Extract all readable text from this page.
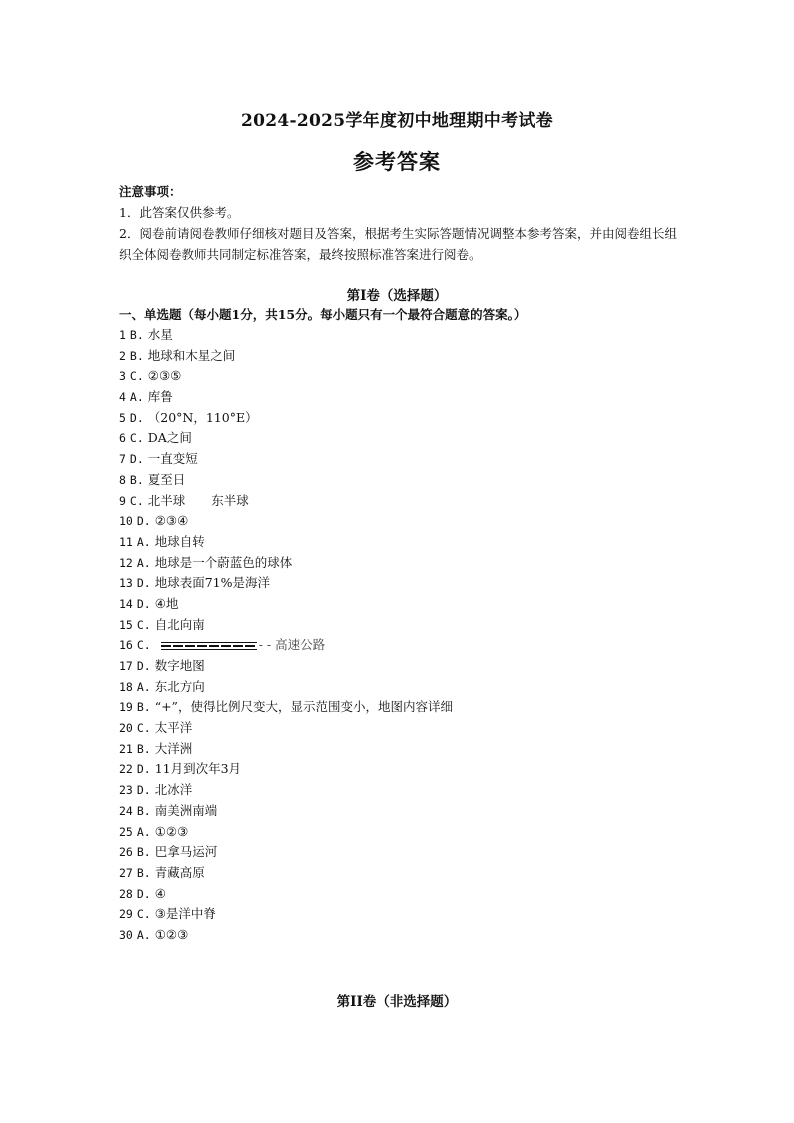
2024-2025学年度初中地理期中考试卷
参考答案
注意事项：
1．此答案仅供参考。
2．阅卷前请阅卷教师仔细核对题目及答案，根据考生实际答题情况调整本参考答案，并由阅卷组长组织全体阅卷教师共同制定标准答案，最终按照标准答案进行阅卷。
第I卷（选择题）
一、单选题（每小题1分，共15分。每小题只有一个最符合题意的答案。）
1 B. 水星
2 B. 地球和木星之间
3 C. ②③⑤
4 A. 库鲁
5 D. （20°N，110°E）
6 C. DA之间
7 D. 一直变短
8 B. 夏至日
9 C. 北半球 东半球
10 D. ②③④
11 A. 地球自转
12 A. 地球是一个蔚蓝色的球体
13 D. 地球表面71%是海洋
14 D. ④地
15 C. 自北向南
16 C.	- - 高速公路
17 D. 数字地图
18 A. 东北方向
19 B. “+”，使得比例尺变大，显示范围变小，地图内容详细
20 C. 太平洋
21 B. 大洋洲
22 D. 11月到次年3月
23 D. 北冰洋
24 B. 南美洲南端
25 A. ①②③
26 B. 巴拿马运河
27 B. 青藏高原
28 D. ④
29 C. ③是洋中脊
30 A. ①②③
第II卷（非选择题）
